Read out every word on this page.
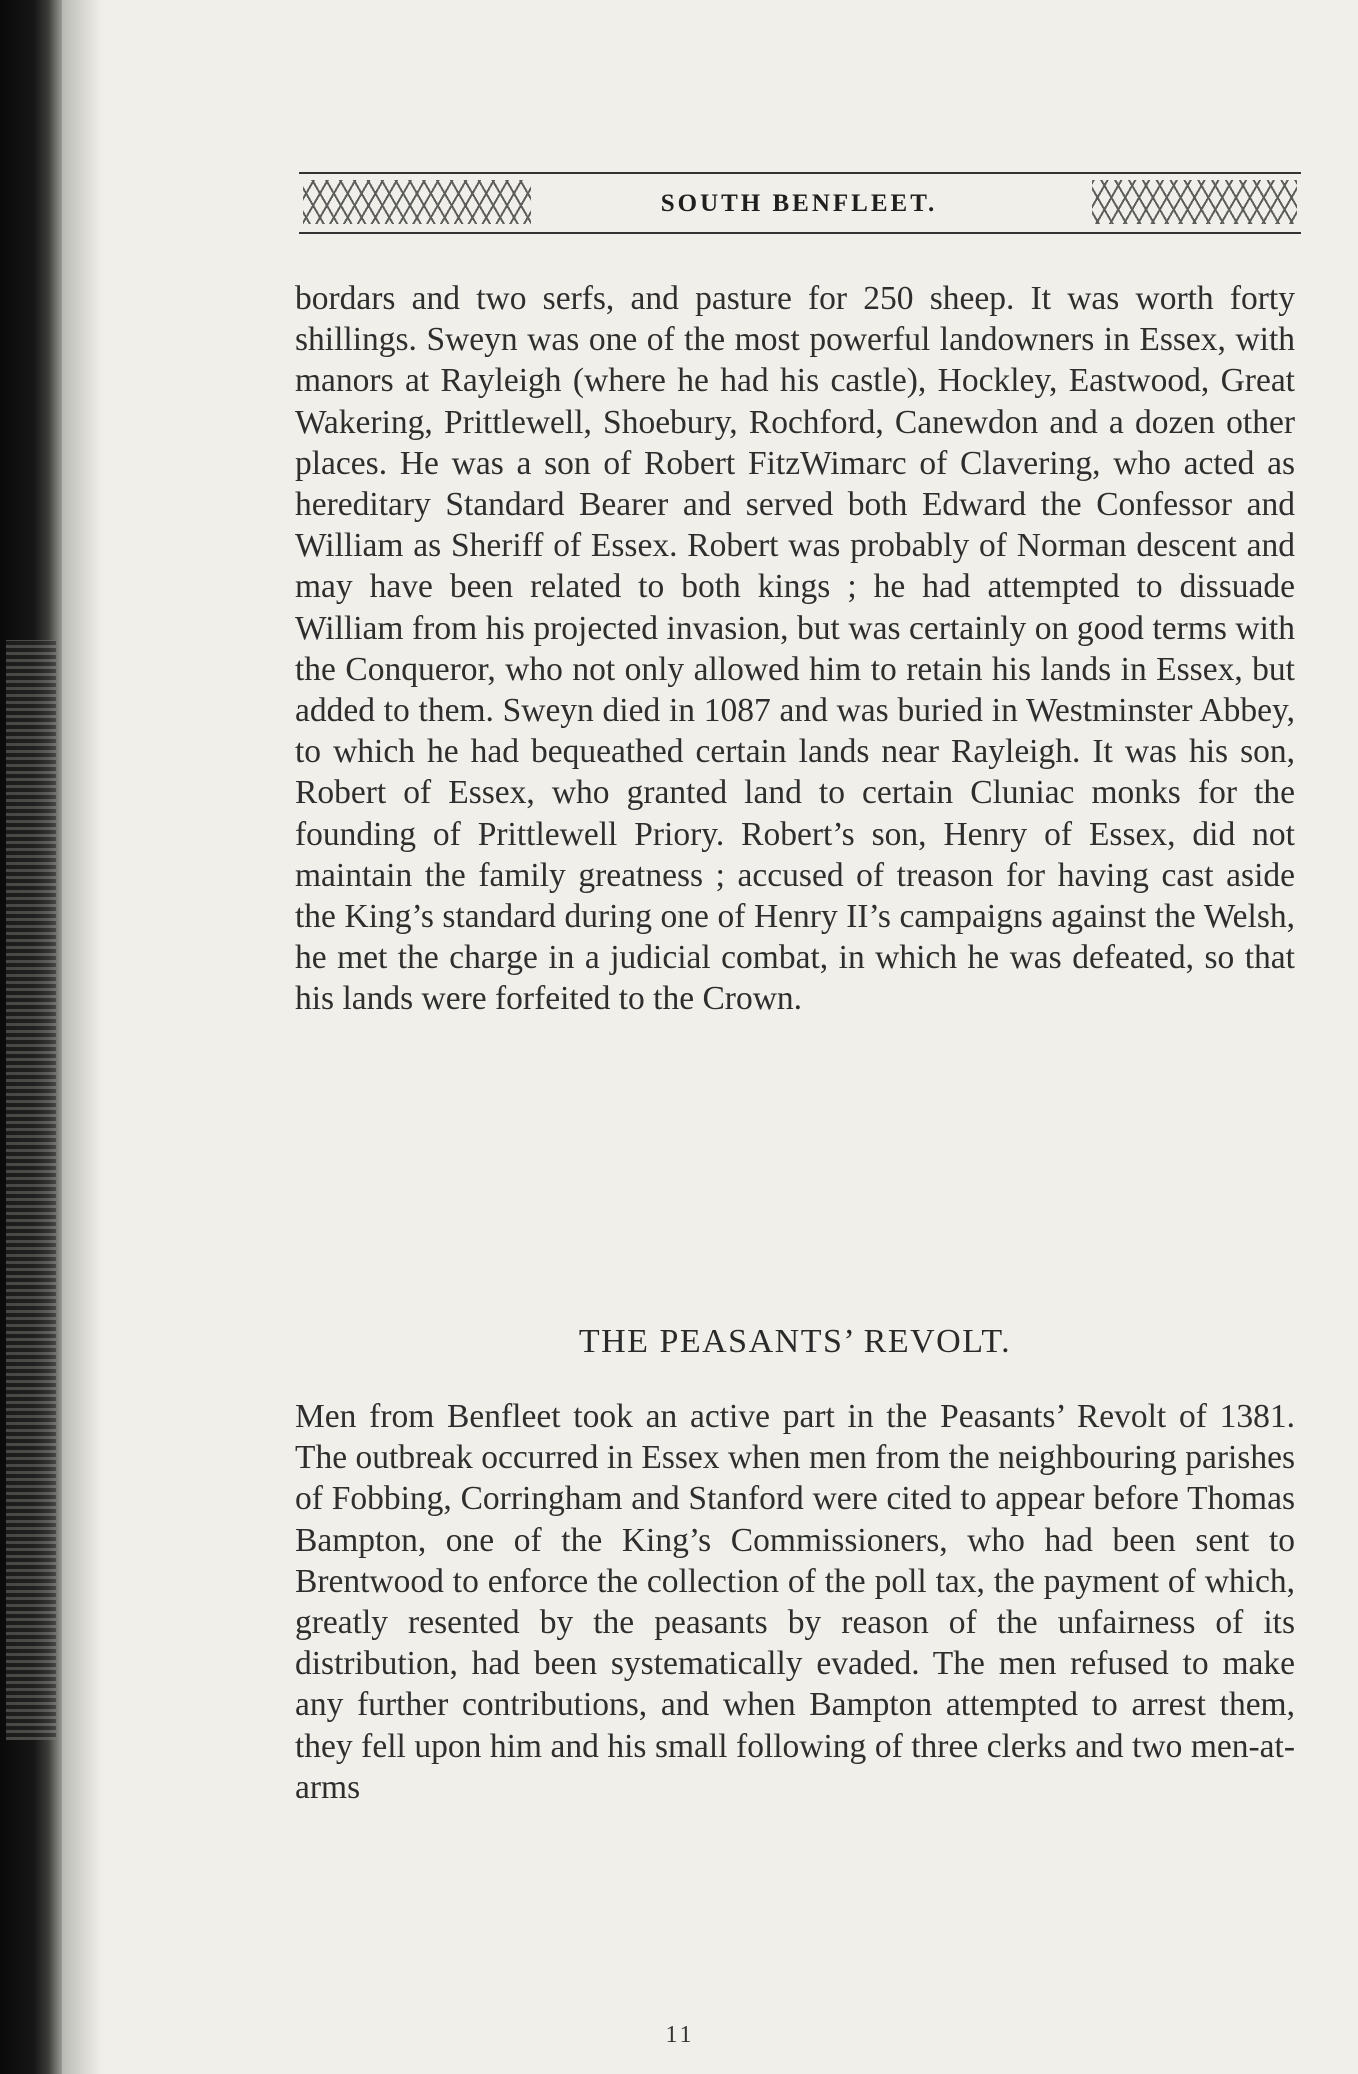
SOUTH BENFLEET.

bordars and two serfs, and pasture for 250 sheep. It was worth forty shillings. Sweyn was one of the most powerful landowners in Essex, with manors at Rayleigh (where he had his castle), Hockley, Eastwood, Great Wakering, Prittlewell, Shoebury, Rochford, Canewdon and a dozen other places. He was a son of Robert FitzWimarc of Clavering, who acted as hereditary Standard Bearer and served both Edward the Confessor and William as Sheriff of Essex. Robert was probably of Norman descent and may have been related to both kings ; he had attempted to dissuade William from his projected invasion, but was certainly on good terms with the Conqueror, who not only allowed him to retain his lands in Essex, but added to them. Sweyn died in 1087 and was buried in Westminster Abbey, to which he had bequeathed certain lands near Rayleigh. It was his son, Robert of Essex, who granted land to certain Cluniac monks for the founding of Prittlewell Priory. Robert’s son, Henry of Essex, did not maintain the family greatness ; accused of treason for having cast aside the King’s standard during one of Henry II’s campaigns against the Welsh, he met the charge in a judicial combat, in which he was defeated, so that his lands were forfeited to the Crown.

THE PEASANTS’ REVOLT.

Men from Benfleet took an active part in the Peasants’ Revolt of 1381. The outbreak occurred in Essex when men from the neighbouring parishes of Fobbing, Corringham and Stanford were cited to appear before Thomas Bampton, one of the King’s Commissioners, who had been sent to Brentwood to enforce the collection of the poll tax, the payment of which, greatly resented by the peasants by reason of the unfairness of its distribution, had been systematically evaded. The men refused to make any further contributions, and when Bampton attempted to arrest them, they fell upon him and his small following of three clerks and two men-at-arms

11
